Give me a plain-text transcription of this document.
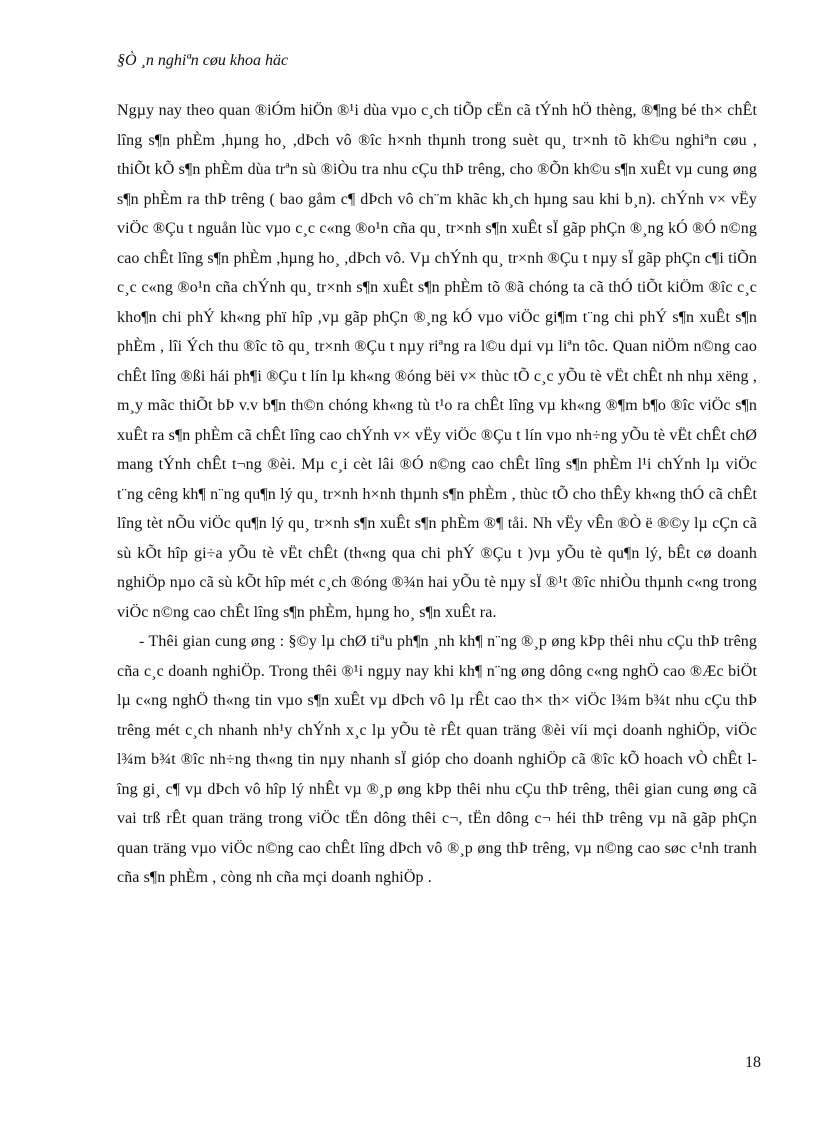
§Ò ¸n nghiªn cøu khoa häc

Ngµy nay theo quan ®iÓm hiÖn ®¹i dùa vµo c¸ch tiÕp cËn cã tÝnh hÖ thèng, ®¶ng bé th× chÊt lîng s¶n phÈm ,hµng ho¸ ,dÞch vô ®îc h×nh thµnh trong suèt qu¸ tr×nh tõ kh©u nghiªn cøu , thiÕt kÕ s¶n phÈm dùa trªn sù ®iÒu tra nhu cÇu thÞ trêng, cho ®Õn kh©u s¶n xuÊt vµ cung øng s¶n phÈm ra thÞ trêng ( bao gåm c¶ dÞch vô ch¨m khãc kh¸ch hµng sau khi b¸n). chÝnh v× vËy viÖc ®Çu t nguån lùc vµo c¸c c«ng ®o¹n cña qu¸ tr×nh s¶n xuÊt sÏ gãp phÇn ®¸ng kÓ ®Ó n©ng cao chÊt lîng s¶n phÈm ,hµng ho¸ ,dÞch vô. Vµ chÝnh qu¸ tr×nh ®Çu t nµy sÏ gãp phÇn c¶i tiÕn c¸c c«ng ®o¹n cña chÝnh qu¸ tr×nh s¶n xuÊt s¶n phÈm tõ ®ã chóng ta cã thÓ tiÕt kiÖm ®îc c¸c kho¶n chi phÝ kh«ng phï hîp ,vµ gãp phÇn ®¸ng kÓ vµo viÖc gi¶m t¨ng chi phÝ s¶n xuÊt s¶n phÈm , lîi Ých thu ®îc tõ qu¸ tr×nh ®Çu t nµy riªng ra l©u dµi vµ liªn tôc. Quan niÖm n©ng cao chÊt lîng ®ßi hái ph¶i ®Çu t lín lµ kh«ng ®óng bëi v× thùc tÕ c¸c yÕu tè vËt chÊt nh nhµ xëng , m¸y mãc thiÕt bÞ v.v b¶n th©n chóng kh«ng tù t¹o ra chÊt lîng vµ kh«ng ®¶m b¶o ®îc viÖc s¶n xuÊt ra s¶n phÈm cã chÊt lîng cao chÝnh v× vËy viÖc ®Çu t lín vµo nh÷ng yÕu tè vËt chÊt chØ mang tÝnh chÊt t¬ng ®èi. Mµ c¸i cèt lâi ®Ó n©ng cao chÊt lîng s¶n phÈm l¹i chÝnh lµ viÖc t¨ng cêng kh¶ n¨ng qu¶n lý qu¸ tr×nh h×nh thµnh s¶n phÈm , thùc tÕ cho thÊy kh«ng thÓ cã chÊt lîng tèt nÕu viÖc qu¶n lý qu¸ tr×nh s¶n xuÊt s¶n phÈm ®¶ tåi. Nh vËy vÊn ®Ò ë ®©y lµ cÇn cã sù kÕt hîp gi÷a yÕu tè vËt chÊt (th«ng qua chi phÝ ®Çu t )vµ yÕu tè qu¶n lý, bÊt cø doanh nghiÖp nµo cã sù kÕt hîp mét c¸ch ®óng ®¾n hai yÕu tè nµy sÏ ®¹t ®îc nhiÒu thµnh c«ng trong viÖc n©ng cao chÊt lîng s¶n phÈm, hµng ho¸ s¶n xuÊt ra.

- Thêi gian cung øng : §©y lµ chØ tiªu ph¶n ¸nh kh¶ n¨ng ®¸p øng kÞp thêi nhu cÇu thÞ trêng cña c¸c doanh nghiÖp. Trong thêi ®¹i ngµy nay khi kh¶ n¨ng øng dông c«ng nghÖ cao ®Æc biÖt lµ c«ng nghÖ th«ng tin vµo s¶n xuÊt vµ dÞch vô lµ rÊt cao th× th× viÖc l¾m b¾t nhu cÇu thÞ trêng mét c¸ch nhanh nh¹y chÝnh x¸c lµ yÕu tè rÊt quan träng ®èi víi mçi doanh nghiÖp, viÖc l¾m b¾t ®îc nh÷ng th«ng tin nµy nhanh sÏ gióp cho doanh nghiÖp cã ®îc kÕ hoach vÒ chÊt lîng gi¸ c¶ vµ dÞch vô hîp lý nhÊt vµ ®¸p øng kÞp thêi nhu cÇu thÞ trêng, thêi gian cung øng cã vai trß rÊt quan träng trong viÖc tËn dông thêi c¬, tËn dông c¬ héi thÞ trêng vµ nã gãp phÇn quan träng vµo viÖc n©ng cao chÊt lîng dÞch vô ®¸p øng thÞ trêng, vµ n©ng cao søc c¹nh tranh cña s¶n phÈm , còng nh cña mçi doanh nghiÖp .

18
